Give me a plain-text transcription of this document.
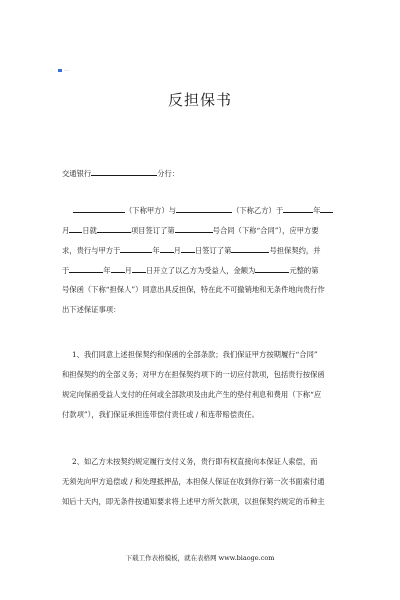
——
反担保书
交通银行	分行：
（下称甲方）与	（下称乙方）于	年
月 日就	项目签订了第	号合同（下称“合同”），应甲方要
求，贵行与甲方于	年 月 日签订了第	号担保契约，并
于	年 月 日开立了以乙方为受益人，金额为	元整的第
号保函（下称“担保人”）同意出具反担保，特在此不可撤销地和无条件地向贵行作
出下述保证事项：
1、我们同意上述担保契约和保函的全部条款；我们保证甲方按期履行“合同”
和担保契约的全部义务；对甲方在担保契约项下的一切应付款项，包括贵行按保函
规定向保函受益人支付的任何或全部款项及由此产生的垫付利息和费用（下称“应
付款项”），我们保证承担连带偿付责任或 / 和连带赔偿责任。
2、如乙方未按契约规定履行支付义务，贵行即有权直接向本保证人索偿，而
无须先向甲方追偿或 / 和处理抵押品，本担保人保证在收到你行第一次书面索付通
知后十天内，即无条件按通知要求将上述甲方所欠款项，以担保契约规定的币种主
下载工作表格模板，就在表格网 www.biaoge.com
